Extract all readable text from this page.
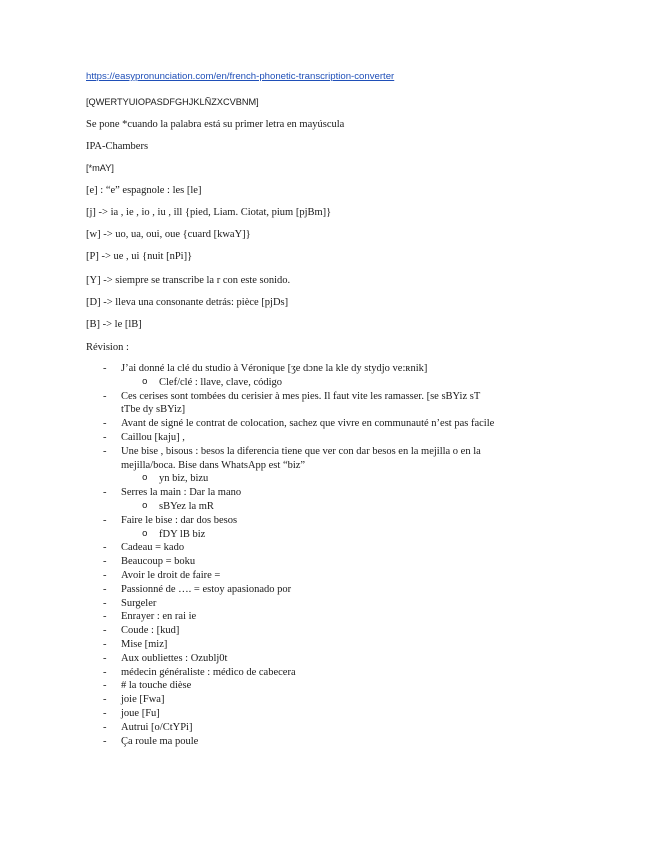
https://easypronunciation.com/en/french-phonetic-transcription-converter
[QWERTYUIOPASDFGHJKLÑZXCVBNM]
Se pone *cuando la palabra está su primer letra en mayúscula
IPA-Chambers
[*mAY]
[e] : “e” espagnole : les [le]
[j] -> ia , ie , io , iu , ill {pied, Liam. Ciotat, pium [pjBm]}
[w] -> uo, ua, oui, oue {cuard [kwaY]}
[P] -> ue , ui {nuit [nPi]}
[Y] -> siempre se transcribe la r con este sonido.
[D] -> lleva una consonante detrás: pièce [pjDs]
[B] -> le [lB]
Révision :
- J’ai donné la clé du studio à Véronique [ʒe dɔne la kle dy stydjo ve:ʀnik]
o Clef/clé : llave, clave, código
- Ces cerises sont tombées du cerisier à mes pies. Il faut vite les ramasser. [se sBYiz sT tTbe dy sBYiz]
- Avant de signé le contrat de colocation, sachez que vivre en communauté n’est pas facile
- Caillou [kaju] ,
- Une bise , bisous : besos la diferencia tiene que ver con dar besos en la mejilla o en la mejilla/boca. Bise dans WhatsApp est “biz”
o yn biz, bizu
- Serres la main : Dar la mano
o sBYez la mR
- Faire le bise : dar dos besos
o fDY lB biz
- Cadeau = kado
- Beaucoup = boku
- Avoir le droit de faire =
- Passionné de …. = estoy apasionado por
- Surgeler
- Enrayer : en rai ie
- Coude : [kud]
- Mise [miz]
- Aux oubliettes : Ozublj0t
- médecin généraliste : médico de cabecera
- # la touche dièse
- joie [Fwa]
- joue [Fu]
- Autrui [o/CtYPi]
- Ça roule ma poule
